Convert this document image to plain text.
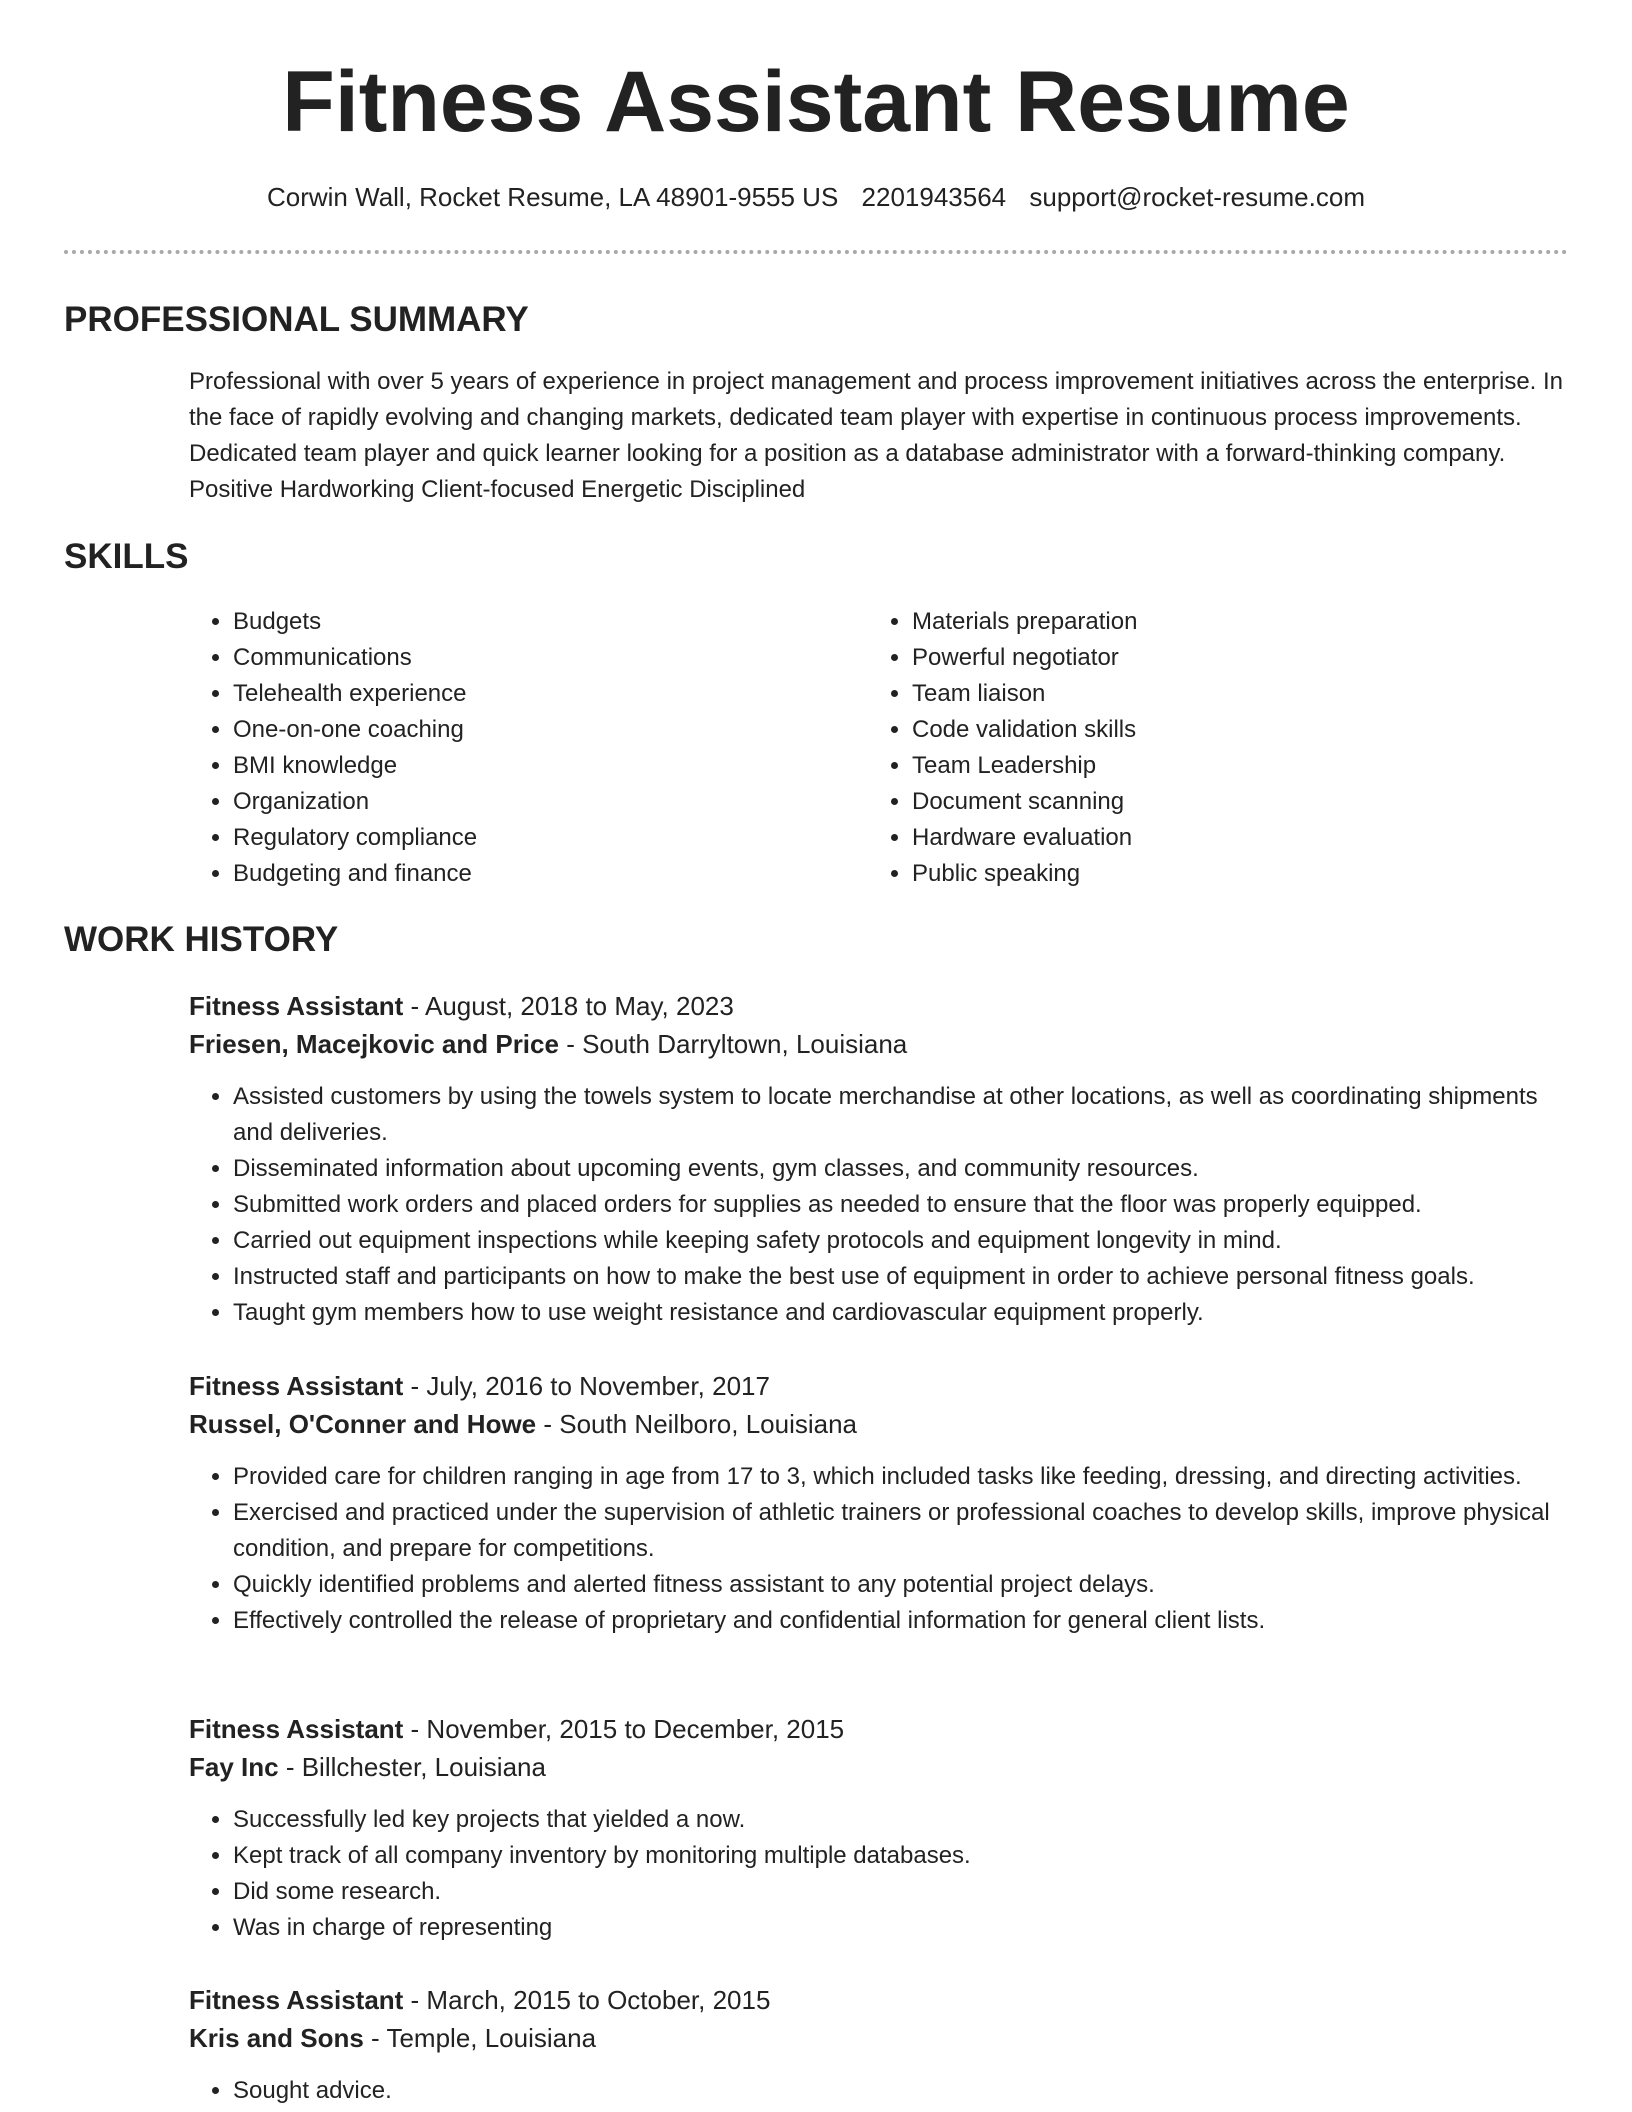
Fitness Assistant Resume
Corwin Wall, Rocket Resume, LA 48901-9555 US 2201943564 support@rocket-resume.com
PROFESSIONAL SUMMARY

Professional with over 5 years of experience in project management and process improvement initiatives across the enterprise. In the face of rapidly evolving and changing markets, dedicated team player with expertise in continuous process improvements. Dedicated team player and quick learner looking for a position as a database administrator with a forward-thinking company. Positive Hardworking Client-focused Energetic Disciplined

SKILLS
• Budgets
• Communications
• Telehealth experience
• One-on-one coaching
• BMI knowledge
• Organization
• Regulatory compliance
• Budgeting and finance
• Materials preparation
• Powerful negotiator
• Team liaison
• Code validation skills
• Team Leadership
• Document scanning
• Hardware evaluation
• Public speaking
WORK HISTORY

Fitness Assistant - August, 2018 to May, 2023

Friesen, Macejkovic and Price - South Darryltown, Louisiana

• Assisted customers by using the towels system to locate merchandise at other locations, as well as coordinating shipments and deliveries.
• Disseminated information about upcoming events, gym classes, and community resources.
• Submitted work orders and placed orders for supplies as needed to ensure that the floor was properly equipped.
• Carried out equipment inspections while keeping safety protocols and equipment longevity in mind.
• Instructed staff and participants on how to make the best use of equipment in order to achieve personal fitness goals.
• Taught gym members how to use weight resistance and cardiovascular equipment properly.

Fitness Assistant - July, 2016 to November, 2017

Russel, O'Conner and Howe - South Neilboro, Louisiana

• Provided care for children ranging in age from 17 to 3, which included tasks like feeding, dressing, and directing activities.
• Exercised and practiced under the supervision of athletic trainers or professional coaches to develop skills, improve physical condition, and prepare for competitions.
• Quickly identified problems and alerted fitness assistant to any potential project delays.
• Effectively controlled the release of proprietary and confidential information for general client lists.

Fitness Assistant - November, 2015 to December, 2015

Fay Inc - Billchester, Louisiana

• Successfully led key projects that yielded a now.
• Kept track of all company inventory by monitoring multiple databases.
• Did some research.
• Was in charge of representing

Fitness Assistant - March, 2015 to October, 2015

Kris and Sons - Temple, Louisiana

• Sought advice.
